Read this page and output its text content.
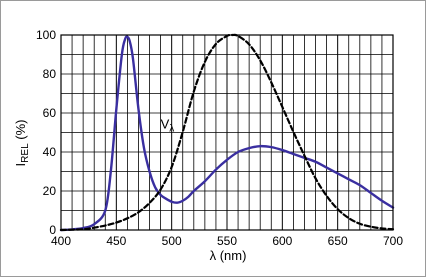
400	450	500	550	600	650	700
0
20
40
60
80
100
$I_{REL}$ (%)
λ (nm)
$V_\lambda$
